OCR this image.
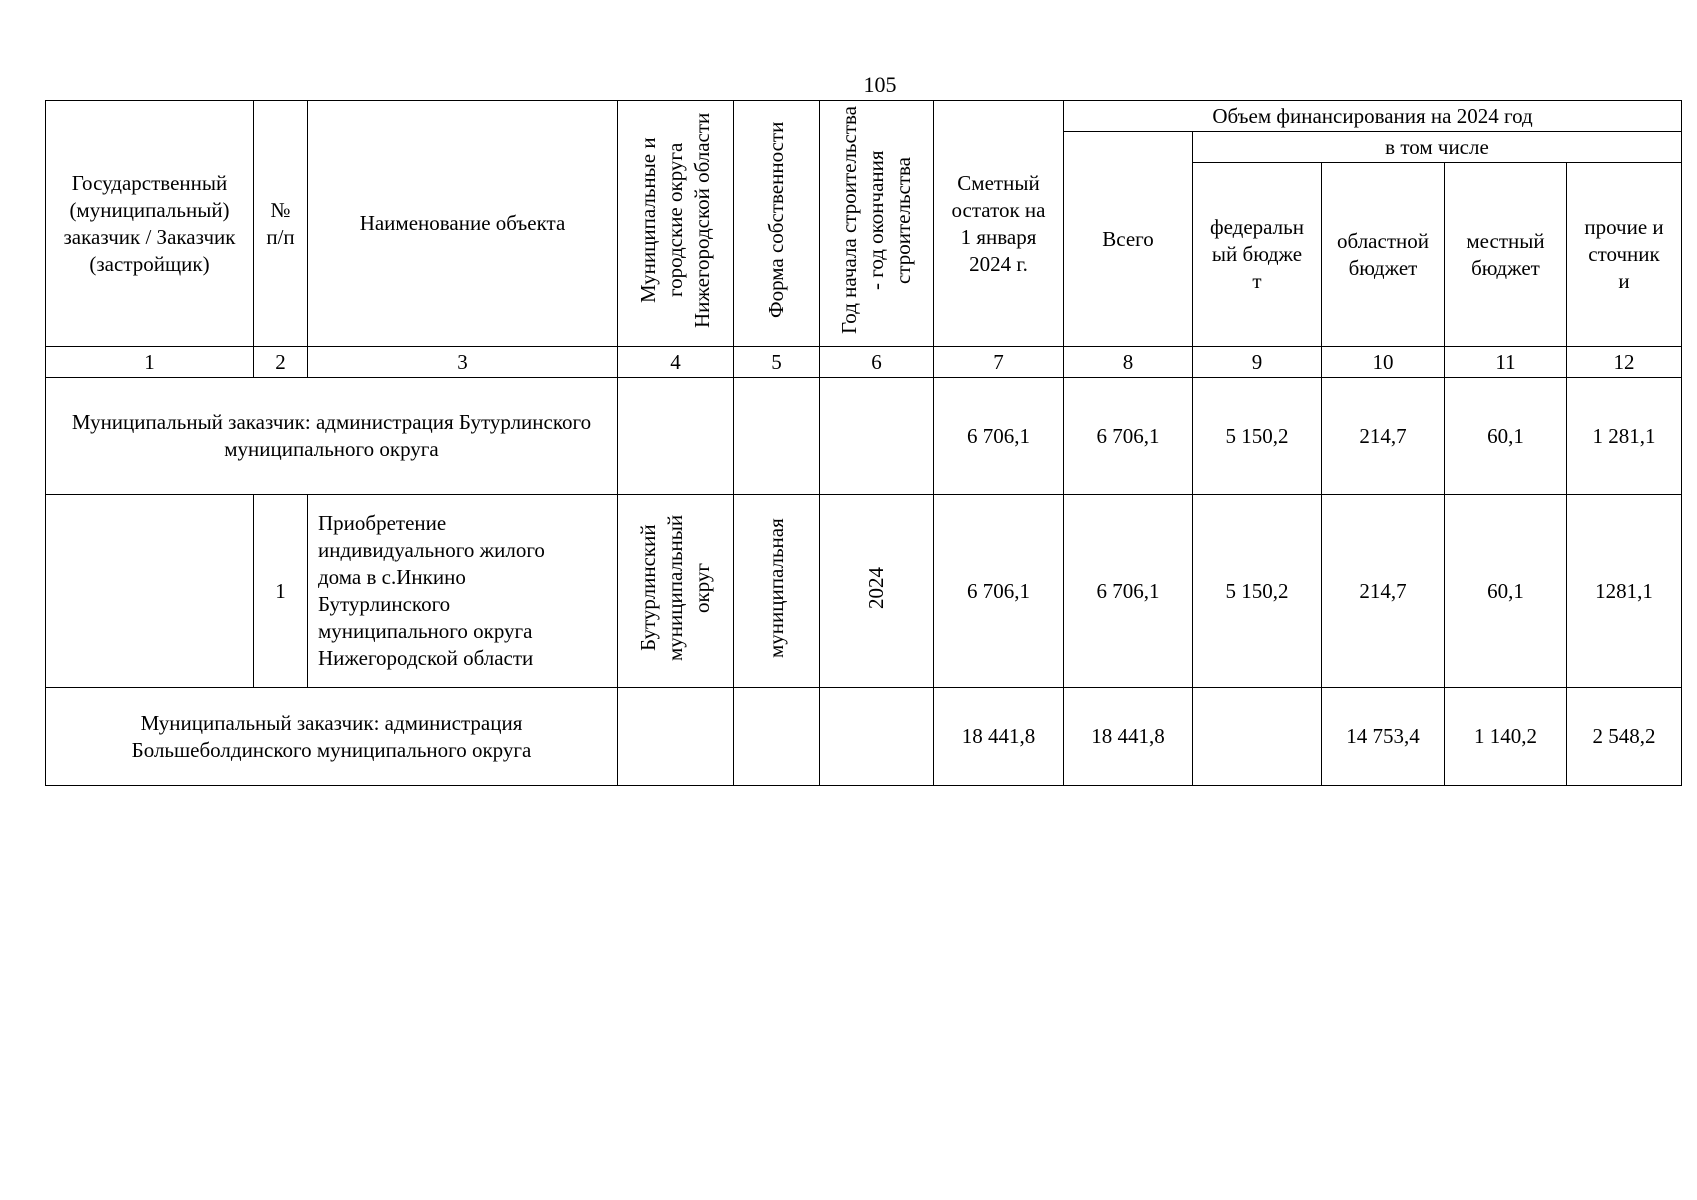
105
Государственный (муниципальный) заказчик / Заказчик (застройщик)	№ п/п	Наименование объекта	Муниципальные и городские округа Нижегородской области	Форма собственности	Год начала строительства - год окончания строительства	Сметный остаток на 1 января 2024 г.	Объем финансирования на 2024 год				
							Всего	в том числе			

								федеральный бюджет	областной бюджет	местный бюджет	прочие источники

1	2	3	4	5	6	7	8	9	10	11	12

Муниципальный заказчик: администрация Бутурлинского муниципального округа						6 706,1	6 706,1	5 150,2	214,7	60,1	1 281,1
	1	Приобретение индивидуального жилого дома в с.Инкино Бутурлинского муниципального округа Нижегородской области	Бутурлинский муниципальный округ	муниципальная	2024	6 706,1	6 706,1	5 150,2	214,7	60,1	1281,1

Муниципальный заказчик: администрация Большеболдинского муниципального округа						18 441,8	18 441,8		14 753,4	1 140,2	2 548,2
